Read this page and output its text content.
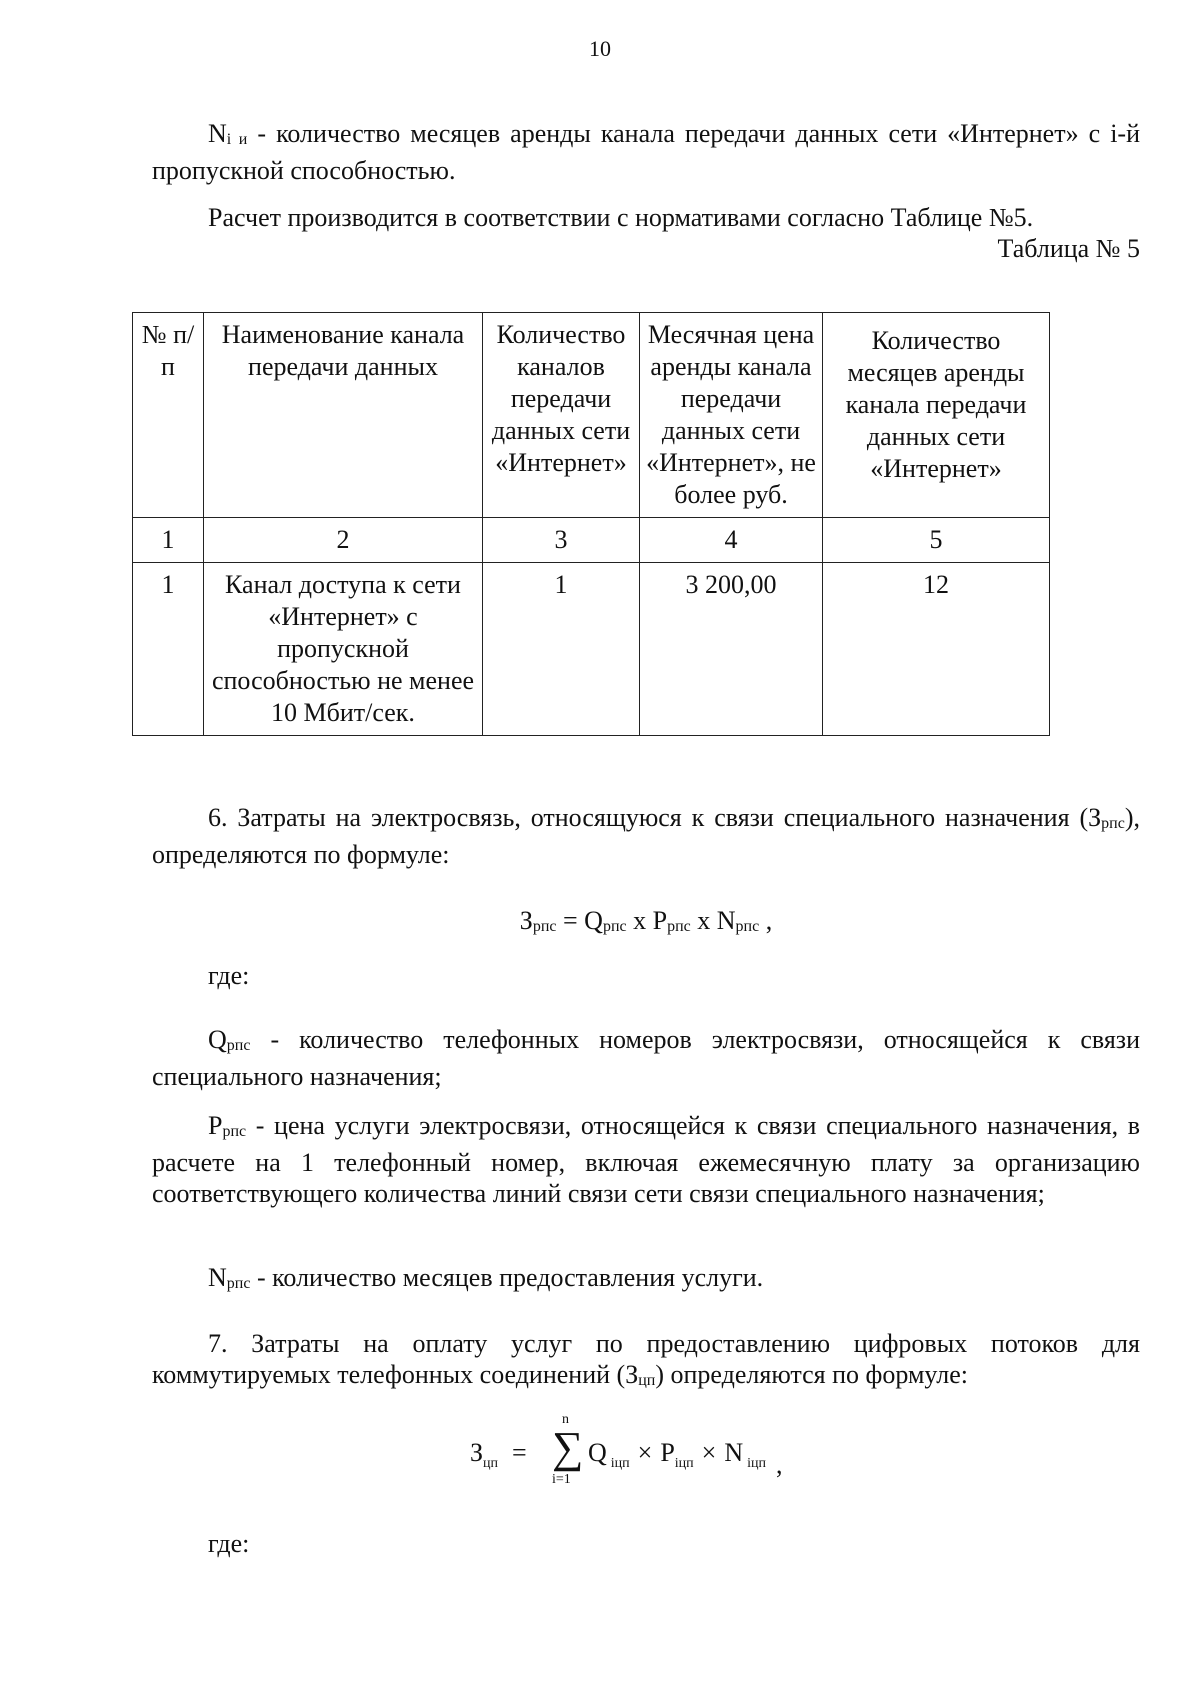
10

$N_{i и}$ - количество месяцев аренды канала передачи данных сети «Интернет» с i-й пропускной способностью.

Расчет производится в соответствии с нормативами согласно Таблице №5.

Таблица № 5
№ п/п	Наименование канала передачи данных	Количество каналов передачи данных сети «Интернет»	Месячная цена аренды канала передачи данных сети «Интернет», не более руб.	Количество месяцев аренды канала передачи данных сети «Интернет»
1	2	3	4	5
1	Канал доступа к сети «Интернет» с пропускной способностью не менее 10 Мбит/сек.	1	3 200,00	12

6. Затраты на электросвязь, относящуюся к связи специального назначения $(З_{рпс})$, определяются по формуле:

$З_{рпс} = Q_{рпс}$ x $P_{рпс}$ x $N_{рпс}$ ,

где:

$Q_{рпс}$ - количество телефонных номеров электросвязи, относящейся к связи специального назначения;

$P_{рпс}$ - цена услуги электросвязи, относящейся к связи специального назначения, в расчете на 1 телефонный номер, включая ежемесячную плату за организацию соответствующего количества линий связи сети связи специального назначения;

$N_{рпс}$ - количество месяцев предоставления услуги.

7. Затраты на оплату услуг по предоставлению цифровых потоков для коммутируемых телефонных соединений $(З_{цп})$ определяются по формуле:

$З_{цп}$ =
n
∑
i=1
Q $_{iцп} \times P_{iцп} \times N$ $_{iцп}$ ,

где:
